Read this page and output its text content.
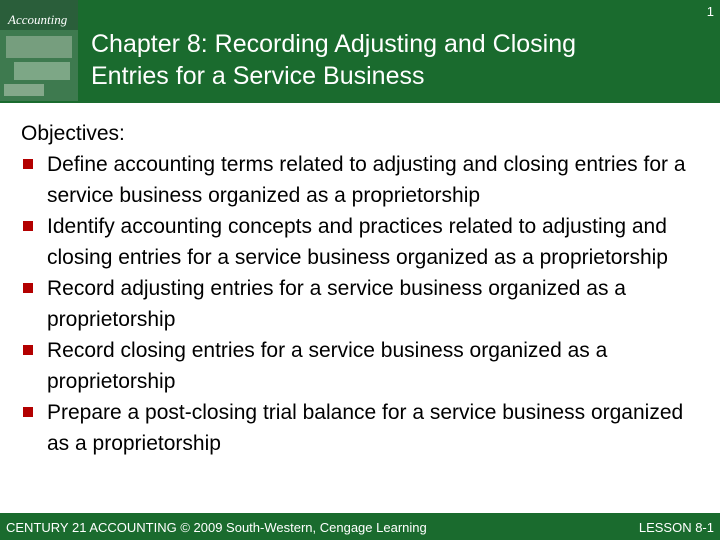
Accounting
Chapter 8: Recording Adjusting and Closing
Entries for a Service Business
1
Objectives:
Define accounting terms related to adjusting and closing entries for a service business organized as a proprietorship
Identify accounting concepts and practices related to adjusting and closing entries for a service business organized as a proprietorship
Record adjusting entries for a service business organized as a proprietorship
Record closing entries for a service business organized as a proprietorship
Prepare a post-closing trial balance for a service business organized as a proprietorship
CENTURY 21 ACCOUNTING © 2009 South-Western, Cengage Learning	LESSON 8-1
